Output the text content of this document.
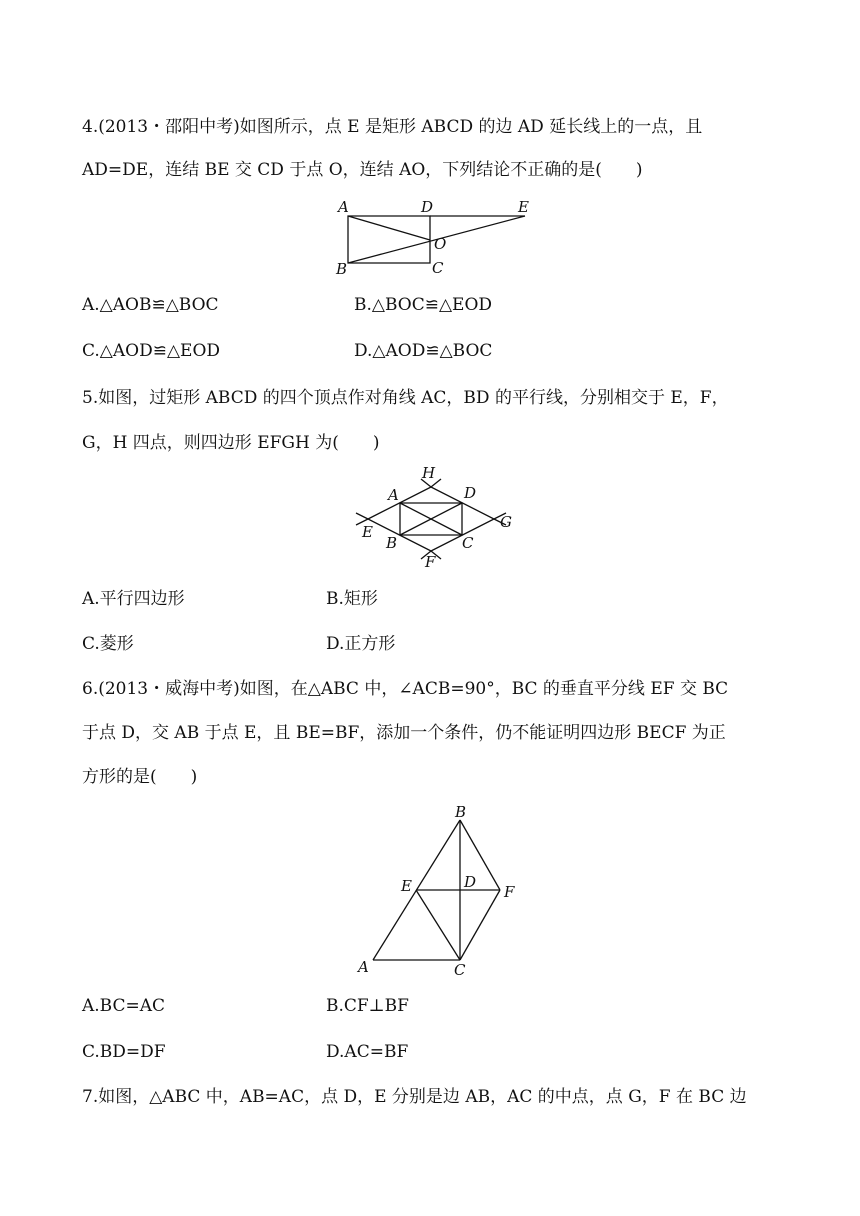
4.(2013・邵阳中考)如图所示，点 E 是矩形 ABCD 的边 AD 延长线上的一点，且
AD=DE，连结 BE 交 CD 于点 O，连结 AO，下列结论不正确的是(　　)
A	D	E
O
B	C
A.△AOB≌△BOC	B.△BOC≌△EOD
C.△AOD≌△EOD	D.△AOD≌△BOC
5.如图，过矩形 ABCD 的四个顶点作对角线 AC，BD 的平行线，分别相交于 E，F，
G，H 四点，则四边形 EFGH 为(　　)
H
A	D
G
E
B	C
F
A.平行四边形	B.矩形
C.菱形	D.正方形
6.(2013・威海中考)如图，在△ABC 中，∠ACB=90°，BC 的垂直平分线 EF 交 BC
于点 D，交 AB 于点 E，且 BE=BF，添加一个条件，仍不能证明四边形 BECF 为正
方形的是(　　)
B
E	D
F
A	C
A.BC=AC	B.CF⊥BF
C.BD=DF	D.AC=BF
7.如图，△ABC 中，AB=AC，点 D，E 分别是边 AB，AC 的中点，点 G，F 在 BC 边
